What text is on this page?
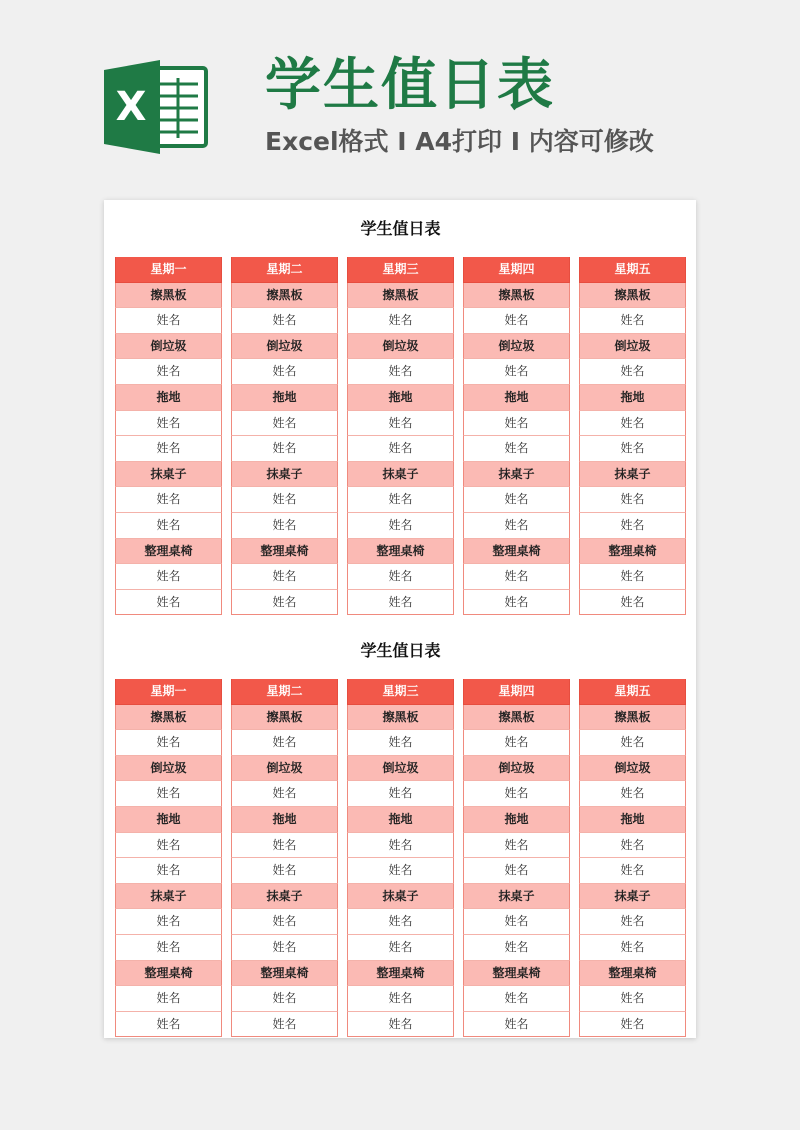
X 学生值日表
Excel格式 I A4打印 I 内容可修改
学生值日表
星期一
擦黑板
姓名
倒垃圾
姓名
拖地
姓名
姓名
抹桌子
姓名
姓名
整理桌椅
姓名
姓名
星期二
擦黑板
姓名
倒垃圾
姓名
拖地
姓名
姓名
抹桌子
姓名
姓名
整理桌椅
姓名
姓名
星期三
擦黑板
姓名
倒垃圾
姓名
拖地
姓名
姓名
抹桌子
姓名
姓名
整理桌椅
姓名
姓名
星期四
擦黑板
姓名
倒垃圾
姓名
拖地
姓名
姓名
抹桌子
姓名
姓名
整理桌椅
姓名
姓名
星期五
擦黑板
姓名
倒垃圾
姓名
拖地
姓名
姓名
抹桌子
姓名
姓名
整理桌椅
姓名
姓名
学生值日表
星期一
擦黑板
姓名
倒垃圾
姓名
拖地
姓名
姓名
抹桌子
姓名
姓名
整理桌椅
姓名
姓名
星期二
擦黑板
姓名
倒垃圾
姓名
拖地
姓名
姓名
抹桌子
姓名
姓名
整理桌椅
姓名
姓名
星期三
擦黑板
姓名
倒垃圾
姓名
拖地
姓名
姓名
抹桌子
姓名
姓名
整理桌椅
姓名
姓名
星期四
擦黑板
姓名
倒垃圾
姓名
拖地
姓名
姓名
抹桌子
姓名
姓名
整理桌椅
姓名
姓名
星期五
擦黑板
姓名
倒垃圾
姓名
拖地
姓名
姓名
抹桌子
姓名
姓名
整理桌椅
姓名
姓名
